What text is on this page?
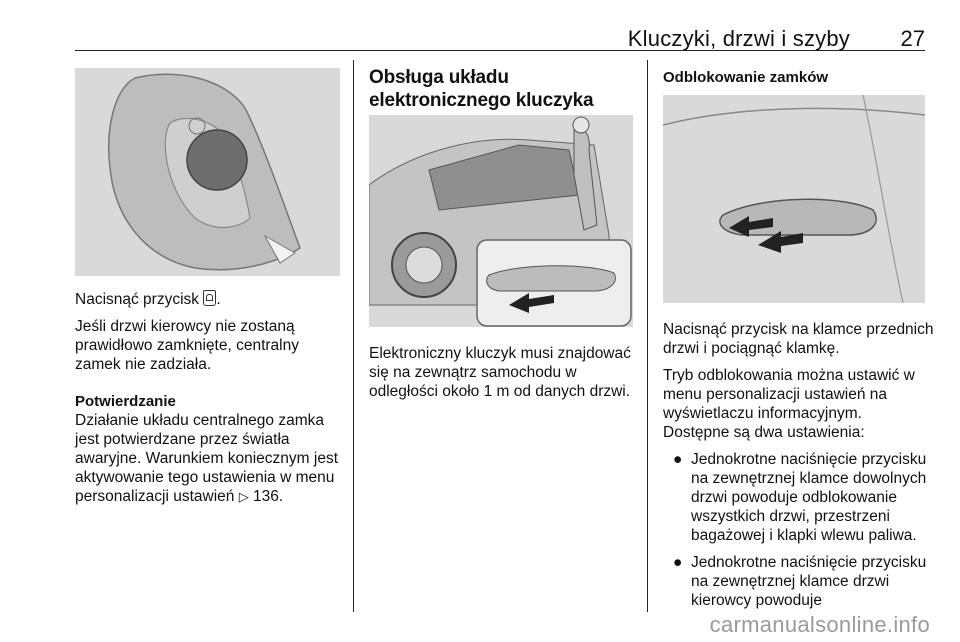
Kluczyki, drzwi i szyby 27

Nacisnąć przycisk
.

Jeśli drzwi kierowcy nie zostaną prawidłowo zamknięte, centralny zamek nie zadziała.

Potwierdzanie

Działanie układu centralnego zamka jest potwierdzane przez światła awaryjne. Warunkiem koniecznym jest aktywowanie tego ustawienia w menu personalizacji ustawień ▷ 136.

Obsługa układu elektronicznego kluczyka

Elektroniczny kluczyk musi znajdować się na zewnątrz samochodu w odległości około 1 m od danych drzwi.

Odblokowanie zamków

Nacisnąć przycisk na klamce przednich drzwi i pociągnąć klamkę.

Tryb odblokowania można ustawić w menu personalizacji ustawień na wyświetlaczu informacyjnym.

Dostępne są dwa ustawienia:

● Jednokrotne naciśnięcie przycisku na zewnętrznej klamce dowolnych drzwi powoduje odblokowanie wszystkich drzwi, przestrzeni bagażowej i klapki wlewu paliwa.
● Jednokrotne naciśnięcie przycisku na zewnętrznej klamce drzwi kierowcy powoduje
carmanualsonline.info
